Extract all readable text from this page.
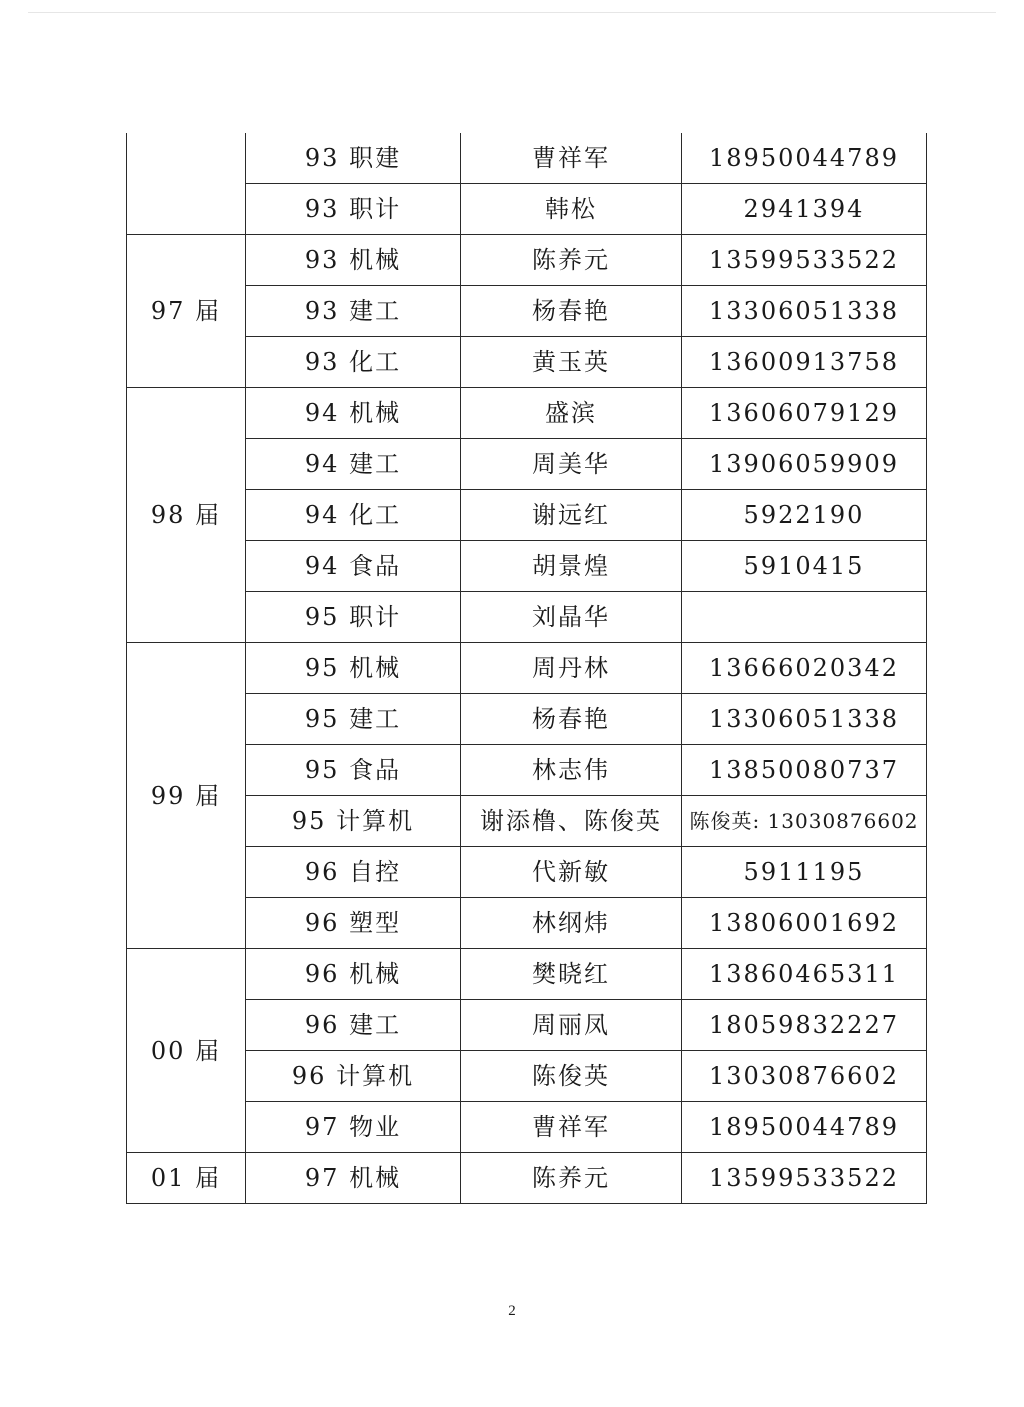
	93 职建	曹祥军	18950044789
	93 职计	韩松	2941394
97 届	93 机械	陈养元	13599533522
	93 建工	杨春艳	13306051338
	93 化工	黄玉英	13600913758
98 届	94 机械	盛滨	13606079129
	94 建工	周美华	13906059909
	94 化工	谢远红	5922190
	94 食品	胡景煌	5910415
	95 职计	刘晶华	
99 届	95 机械	周丹林	13666020342
	95 建工	杨春艳	13306051338
	95 食品	林志伟	13850080737
	95 计算机	谢添橹、陈俊英	陈俊英: 13030876602
	96 自控	代新敏	5911195
	96 塑型	林纲炜	13806001692
00 届	96 机械	樊晓红	13860465311
	96 建工	周丽凤	18059832227
	96 计算机	陈俊英	13030876602
	97 物业	曹祥军	18950044789
01 届	97 机械	陈养元	13599533522
2
